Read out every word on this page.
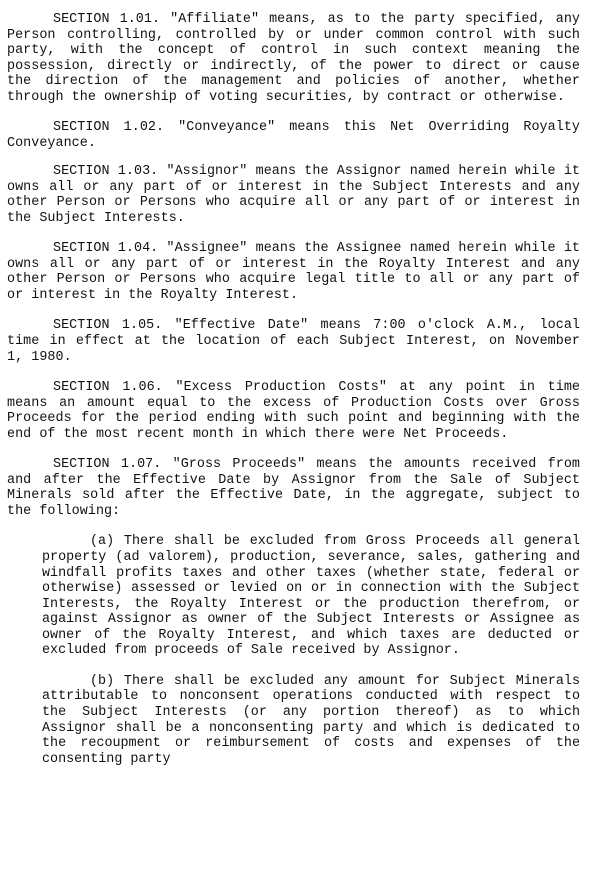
SECTION 1.01. "Affiliate" means, as to the party specified, any Person controlling, controlled by or under common control with such party, with the concept of control in such context meaning the possession, directly or indirectly, of the power to direct or cause the direction of the management and policies of another, whether through the ownership of voting securities, by contract or otherwise.

SECTION 1.02. "Conveyance" means this Net Overriding Royalty Conveyance.

SECTION 1.03. "Assignor" means the Assignor named herein while it owns all or any part of or interest in the Subject Interests and any other Person or Persons who acquire all or any part of or interest in the Subject Interests.

SECTION 1.04. "Assignee" means the Assignee named herein while it owns all or any part of or interest in the Royalty Interest and any other Person or Persons who acquire legal title to all or any part of or interest in the Royalty Interest.

SECTION 1.05. "Effective Date" means 7:00 o'clock A.M., local time in effect at the location of each Subject Interest, on November 1, 1980.

SECTION 1.06. "Excess Production Costs" at any point in time means an amount equal to the excess of Production Costs over Gross Proceeds for the period ending with such point and beginning with the end of the most recent month in which there were Net Proceeds.

SECTION 1.07. "Gross Proceeds" means the amounts received from and after the Effective Date by Assignor from the Sale of Subject Minerals sold after the Effective Date, in the aggregate, subject to the following:

(a) There shall be excluded from Gross Proceeds all general property (ad valorem), production, severance, sales, gathering and windfall profits taxes and other taxes (whether state, federal or otherwise) assessed or levied on or in connection with the Subject Interests, the Royalty Interest or the production therefrom, or against Assignor as owner of the Subject Interests or Assignee as owner of the Royalty Interest, and which taxes are deducted or excluded from proceeds of Sale received by Assignor.

(b) There shall be excluded any amount for Subject Minerals attributable to nonconsent operations conducted with respect to the Subject Interests (or any portion thereof) as to which Assignor shall be a nonconsenting party and which is dedicated to the recoupment or reimbursement of costs and expenses of the consenting party
